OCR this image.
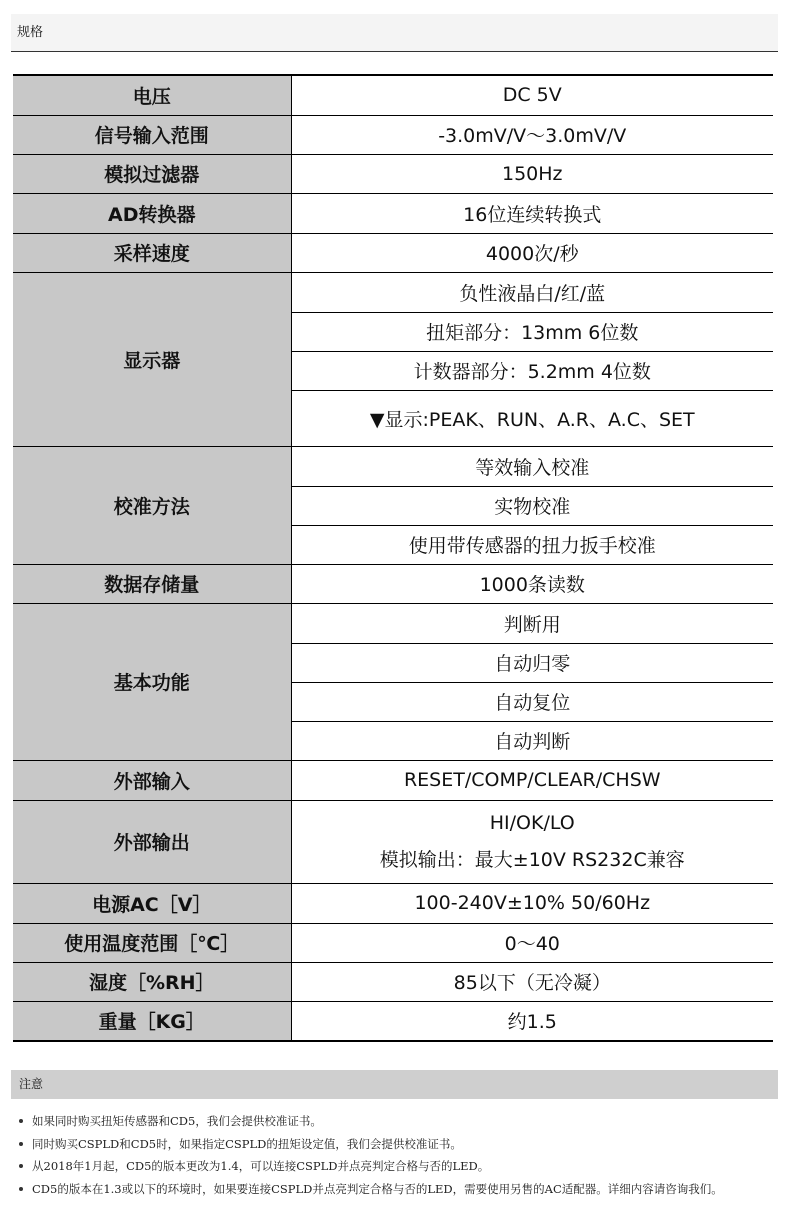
规格
电压	DC 5V
信号输入范围	-3.0mV/V～3.0mV/V
模拟过滤器	150Hz
AD转换器	16位连续转换式
采样速度	4000次/秒
显示器	负性液晶白/红/蓝
	扭矩部分：13mm 6位数
	计数器部分：5.2mm 4位数
	▼显示:PEAK、RUN、A.R、A.C、SET
校准方法	等效输入校准
	实物校准
	使用带传感器的扭力扳手校准
数据存储量	1000条读数
基本功能	判断用
	自动归零
	自动复位
	自动判断
外部输入	RESET/COMP/CLEAR/CHSW
外部输出	HI/OK/LO
模拟输出：最大±10V RS232C兼容

电源AC［V］	100-240V±10% 50/60Hz
使用温度范围［℃］	0～40
湿度［%RH］	85以下（无冷凝）
重量［KG］	约1.5
注意
如果同时购买扭矩传感器和CD5，我们会提供校准证书。
同时购买CSPLD和CD5时，如果指定CSPLD的扭矩设定值，我们会提供校准证书。
从2018年1月起，CD5的版本更改为1.4，可以连接CSPLD并点亮判定合格与否的LED。
CD5的版本在1.3或以下的环境时，如果要连接CSPLD并点亮判定合格与否的LED，需要使用另售的AC适配器。详细内容请咨询我们。
